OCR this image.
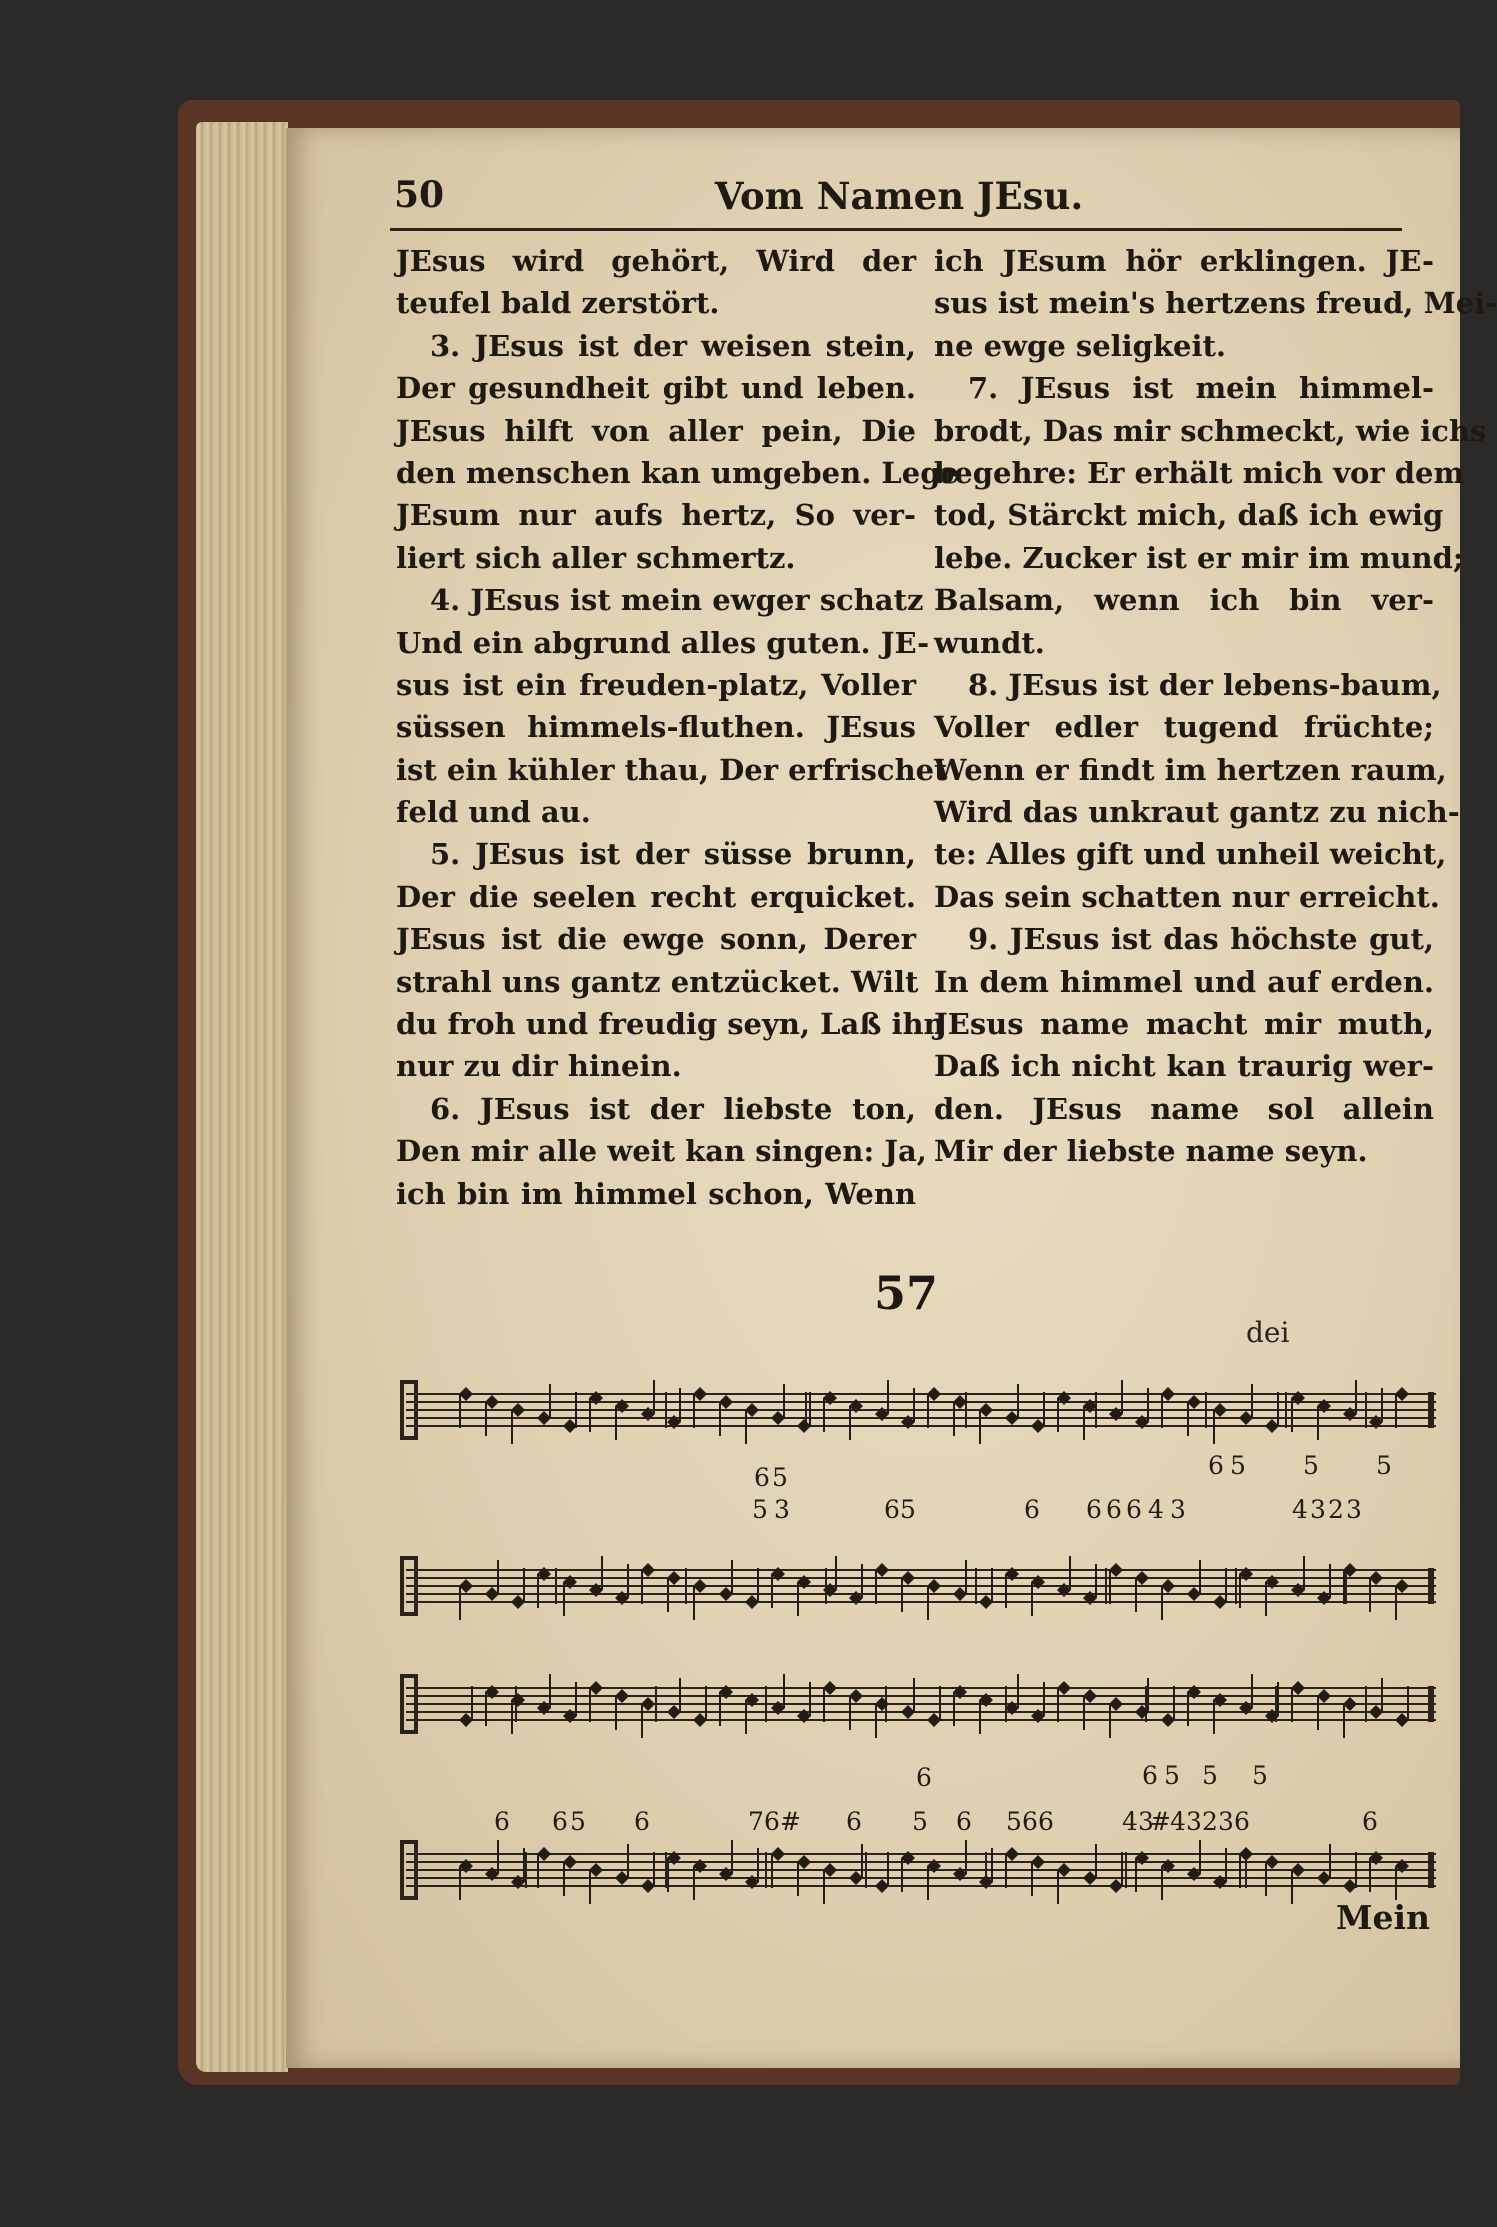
50	Vom Namen JEsu.
JEsus wird gehört, Wird der
teufel bald zerstört.
3. JEsus ist der weisen stein,
Der gesundheit gibt und leben.
JEsus hilft von aller pein, Die
den menschen kan umgeben. Lege
JEsum nur aufs hertz, So ver-
liert sich aller schmertz.
4. JEsus ist mein ewger schatz
Und ein abgrund alles guten. JE-
sus ist ein freuden-platz, Voller
süssen himmels-fluthen. JEsus
ist ein kühler thau, Der erfrischet
feld und au.
5. JEsus ist der süsse brunn,
Der die seelen recht erquicket.
JEsus ist die ewge sonn, Derer
strahl uns gantz entzücket. Wilt
du froh und freudig seyn, Laß ihn
nur zu dir hinein.
6. JEsus ist der liebste ton,
Den mir alle weit kan singen: Ja,
ich bin im himmel schon, Wenn
ich JEsum hör erklingen. JE-
sus ist mein's hertzens freud, Mei-
ne ewge seligkeit.
7. JEsus ist mein himmel-
brodt, Das mir schmeckt, wie ichs
begehre: Er erhält mich vor dem
tod, Stärckt mich, daß ich ewig
lebe. Zucker ist er mir im mund;
Balsam, wenn ich bin ver-
wundt.
8. JEsus ist der lebens-baum,
Voller edler tugend früchte;
Wenn er findt im hertzen raum,
Wird das unkraut gantz zu nich-
te: Alles gift und unheil weicht,
Das sein schatten nur erreicht.
9. JEsus ist das höchste gut,
In dem himmel und auf erden.
JEsus name macht mir muth,
Daß ich nicht kan traurig wer-
den. JEsus name sol allein
Mir der liebste name seyn.
57
dei
6 5	6 5 5 5
5 3	6 5	6 6 6 6 4 3	4 3 2 3
6	6 5 5 5
6 6 5 6	7 6 # 6 5 6 5 6 6	4 3
# 4 3 2 3 6	6
Mein
